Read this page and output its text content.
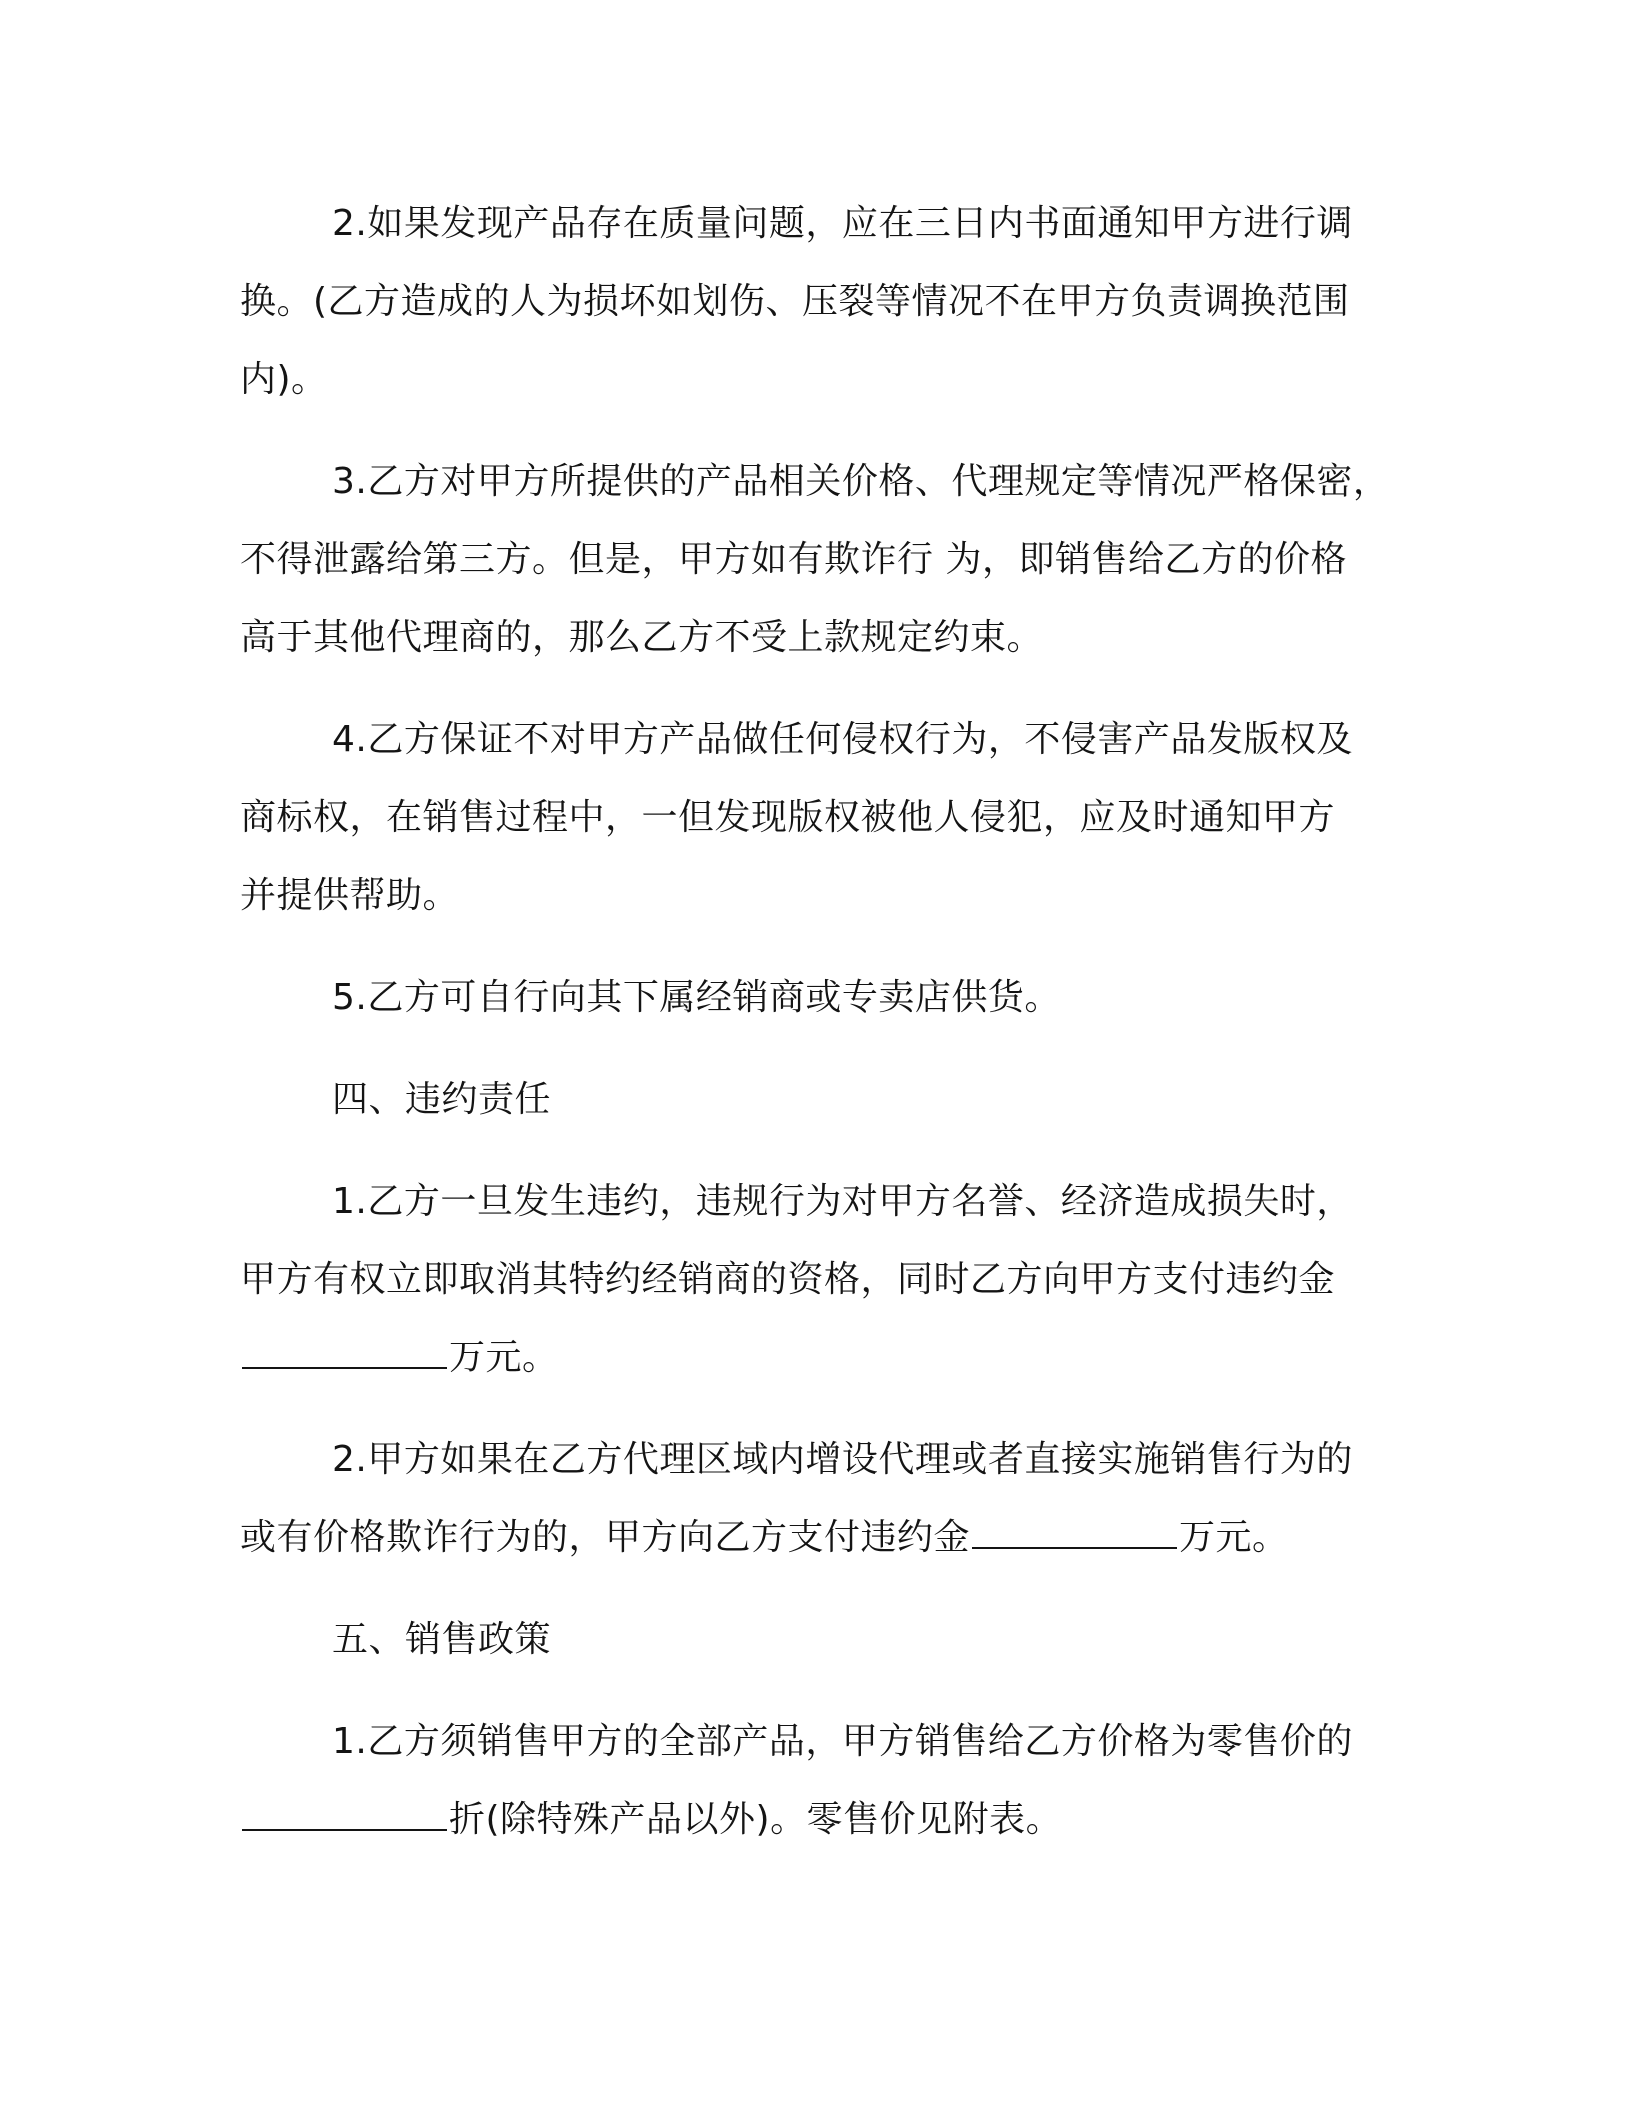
2.如果发现产品存在质量问题，应在三日内书面通知甲方进行调
换。(乙方造成的人为损坏如划伤、压裂等情况不在甲方负责调换范围
内)。

3.乙方对甲方所提供的产品相关价格、代理规定等情况严格保密，
不得泄露给第三方。但是，甲方如有欺诈行 为，即销售给乙方的价格
高于其他代理商的，那么乙方不受上款规定约束。

4.乙方保证不对甲方产品做任何侵权行为，不侵害产品发版权及
商标权，在销售过程中，一但发现版权被他人侵犯，应及时通知甲方
并提供帮助。

5.乙方可自行向其下属经销商或专卖店供货。

四、违约责任

1.乙方一旦发生违约，违规行为对甲方名誉、经济造成损失时，
甲方有权立即取消其特约经销商的资格，同时乙方向甲方支付违约金
万元。

2.甲方如果在乙方代理区域内增设代理或者直接实施销售行为的
或有价格欺诈行为的，甲方向乙方支付违约金	万元。

五、销售政策

1.乙方须销售甲方的全部产品，甲方销售给乙方价格为零售价的
折(除特殊产品以外)。零售价见附表。
